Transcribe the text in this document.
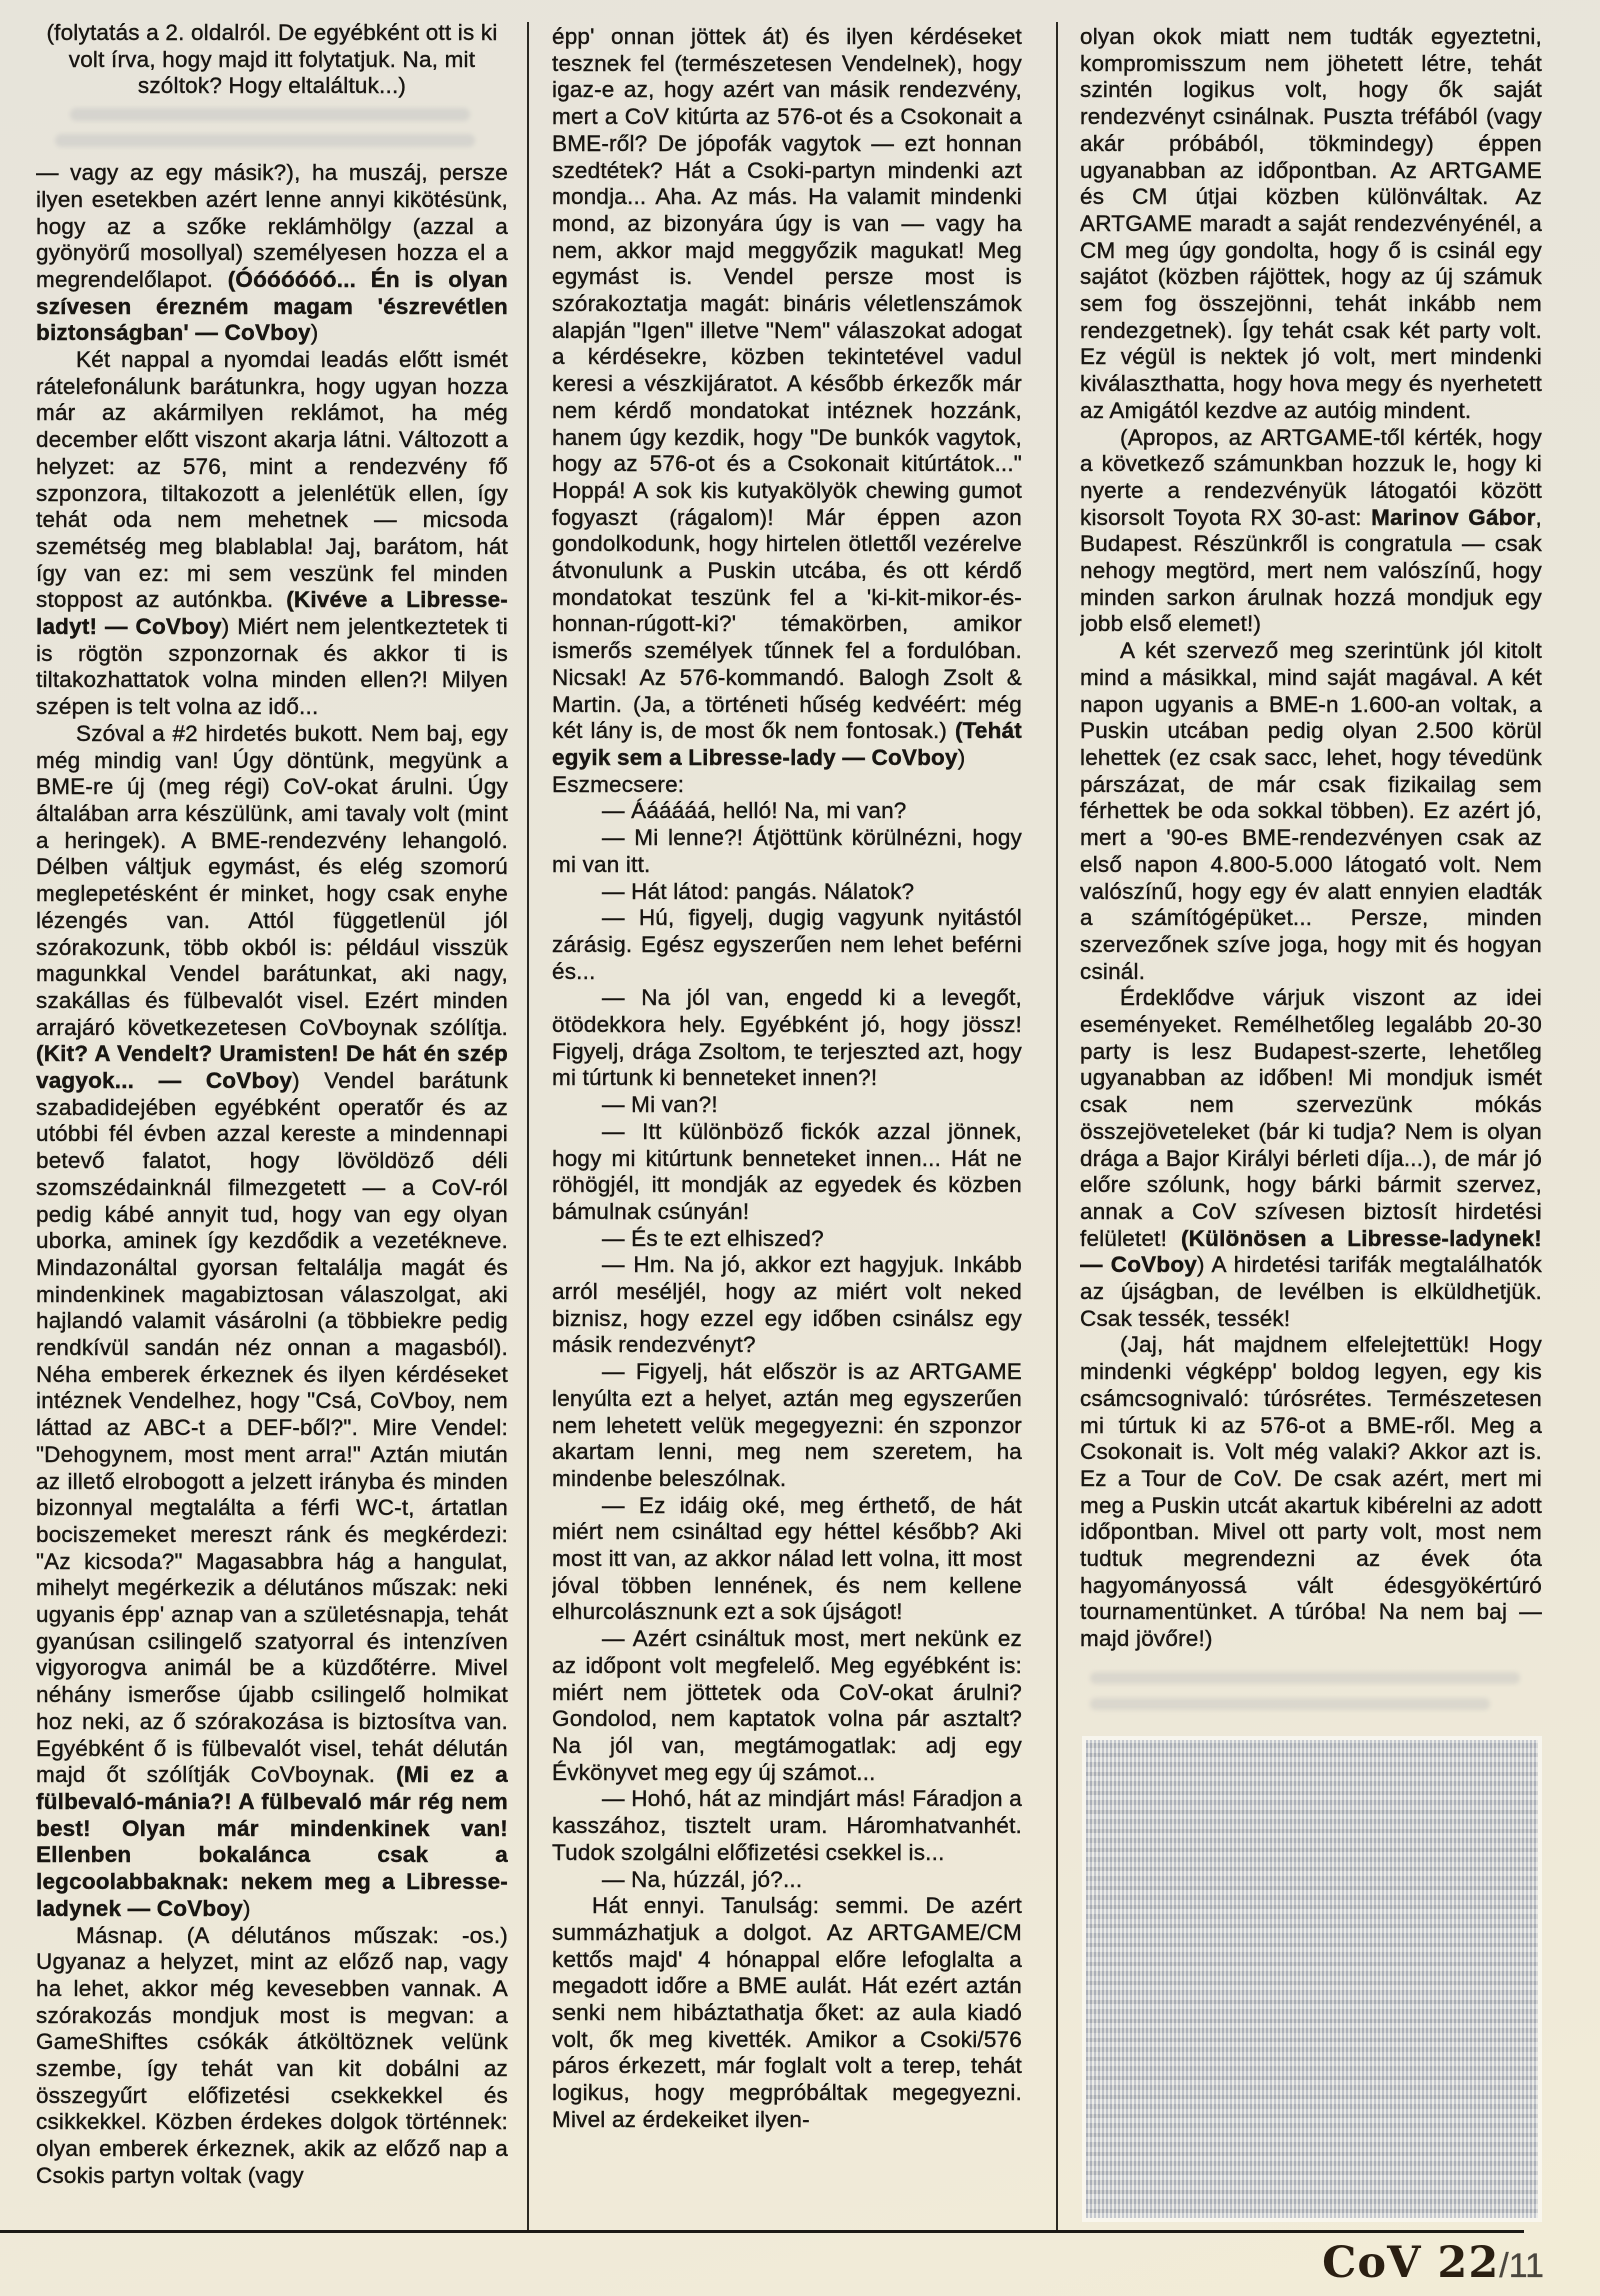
(folytatás a 2. oldalról. De egyébként ott is ki volt írva, hogy majd itt folytatjuk. Na, mit szóltok? Hogy eltaláltuk...)

— vagy az egy másik?), ha muszáj, persze ilyen esetekben azért lenne annyi kikötésünk, hogy az a szőke reklámhölgy (azzal a gyönyörű mosollyal) személyesen hozza el a megrendelőlapot. (Óóóóóóó... Én is olyan szívesen érezném magam 'észrevétlen biztonságban' — CoVboy)

Két nappal a nyomdai leadás előtt ismét rátelefonálunk barátunkra, hogy ugyan hozza már az akármilyen reklámot, ha még december előtt viszont akarja látni. Változott a helyzet: az 576, mint a rendezvény fő szponzora, tiltakozott a jelenlétük ellen, így tehát oda nem mehetnek — micsoda szemétség meg blablabla! Jaj, barátom, hát így van ez: mi sem veszünk fel minden stoppost az autónkba. (Kivéve a Libresse-ladyt! — CoVboy) Miért nem jelentkeztetek ti is rögtön szponzornak és akkor ti is tiltakozhattatok volna minden ellen?! Milyen szépen is telt volna az idő...

Szóval a #2 hirdetés bukott. Nem baj, egy még mindig van! Úgy döntünk, megyünk a BME-re új (meg régi) CoV-okat árulni. Úgy általában arra készülünk, ami tavaly volt (mint a heringek). A BME-rendezvény lehangoló. Délben váltjuk egymást, és elég szomorú meglepetésként ér minket, hogy csak enyhe lézengés van. Attól függetlenül jól szórakozunk, több okból is: például visszük magunkkal Vendel barátunkat, aki nagy, szakállas és fülbevalót visel. Ezért minden arrajáró következetesen CoVboynak szólítja. (Kit? A Vendelt? Uramisten! De hát én szép vagyok... — CoVboy) Vendel barátunk szabadidejében egyébként operatőr és az utóbbi fél évben azzal kereste a mindennapi betevő falatot, hogy lövöldöző déli szomszédainknál filmezgetett — a CoV-ról pedig kábé annyit tud, hogy van egy olyan uborka, aminek így kezdődik a vezetékneve. Mindazonáltal gyorsan feltalálja magát és mindenkinek magabiztosan válaszolgat, aki hajlandó valamit vásárolni (a többiekre pedig rendkívül sandán néz onnan a magasból). Néha emberek érkeznek és ilyen kérdéseket intéznek Vendelhez, hogy "Csá, CoVboy, nem láttad az ABC-t a DEF-ből?". Mire Vendel: "Dehogynem, most ment arra!" Aztán miután az illető elrobogott a jelzett irányba és minden bizonnyal megtalálta a férfi WC-t, ártatlan bociszemeket mereszt ránk és megkérdezi: "Az kicsoda?" Magasabbra hág a hangulat, mihelyt megérkezik a délutános műszak: neki ugyanis épp' aznap van a születésnapja, tehát gyanúsan csilingelő szatyorral és intenzíven vigyorogva animál be a küzdőtérre. Mivel néhány ismerőse újabb csilingelő holmikat hoz neki, az ő szórakozása is biztosítva van. Egyébként ő is fülbevalót visel, tehát délután majd őt szólítják CoVboynak. (Mi ez a fülbevaló-mánia?! A fülbevaló már rég nem best! Olyan már mindenkinek van! Ellenben bokalánca csak a legcoolabbaknak: nekem meg a Libresse-ladynek — CoVboy)

Másnap. (A délutános műszak: -os.) Ugyanaz a helyzet, mint az előző nap, vagy ha lehet, akkor még kevesebben vannak. A szórakozás mondjuk most is megvan: a GameShiftes csókák átköltöznek velünk szembe, így tehát van kit dobálni az összegyűrt előfizetési csekkekkel és csikkekkel. Közben érdekes dolgok történnek: olyan emberek érkeznek, akik az előző nap a Csokis partyn voltak (vagy

épp' onnan jöttek át) és ilyen kérdéseket tesznek fel (természetesen Vendelnek), hogy igaz-e az, hogy azért van másik rendezvény, mert a CoV kitúrta az 576-ot és a Csokonait a BME-ről? De jópofák vagytok — ezt honnan szedtétek? Hát a Csoki-partyn mindenki azt mondja... Aha. Az más. Ha valamit mindenki mond, az bizonyára úgy is van — vagy ha nem, akkor majd meggyőzik magukat! Meg egymást is. Vendel persze most is szórakoztatja magát: bináris véletlenszámok alapján "Igen" illetve "Nem" válaszokat adogat a kérdésekre, közben tekintetével vadul keresi a vészkijáratot. A később érkezők már nem kérdő mondatokat intéznek hozzánk, hanem úgy kezdik, hogy "De bunkók vagytok, hogy az 576-ot és a Csokonait kitúrtátok..." Hoppá! A sok kis kutyakölyök chewing gumot fogyaszt (rágalom)! Már éppen azon gondolkodunk, hogy hirtelen ötlettől vezérelve átvonulunk a Puskin utcába, és ott kérdő mondatokat teszünk fel a 'ki-kit-mikor-és-honnan-rúgott-ki?' témakörben, amikor ismerős személyek tűnnek fel a fordulóban. Nicsak! Az 576-kommandó. Balogh Zsolt & Martin. (Ja, a történeti hűség kedvéért: még két lány is, de most ők nem fontosak.) (Tehát egyik sem a Libresse-lady — CoVboy)

Eszmecsere:

— Áááááá, helló! Na, mi van?

— Mi lenne?! Átjöttünk körülnézni, hogy mi van itt.

— Hát látod: pangás. Nálatok?

— Hú, figyelj, dugig vagyunk nyitástól zárásig. Egész egyszerűen nem lehet beférni és...

— Na jól van, engedd ki a levegőt, ötödekkora hely. Egyébként jó, hogy jössz! Figyelj, drága Zsoltom, te terjeszted azt, hogy mi túrtunk ki benneteket innen?!

— Mi van?!

— Itt különböző fickók azzal jönnek, hogy mi kitúrtunk benneteket innen... Hát ne röhögjél, itt mondják az egyedek és közben bámulnak csúnyán!

— És te ezt elhiszed?

— Hm. Na jó, akkor ezt hagyjuk. Inkább arról meséljél, hogy az miért volt neked biznisz, hogy ezzel egy időben csinálsz egy másik rendezvényt?

— Figyelj, hát először is az ARTGAME lenyúlta ezt a helyet, aztán meg egyszerűen nem lehetett velük megegyezni: én szponzor akartam lenni, meg nem szeretem, ha mindenbe beleszólnak.

— Ez idáig oké, meg érthető, de hát miért nem csináltad egy héttel később? Aki most itt van, az akkor nálad lett volna, itt most jóval többen lennének, és nem kellene elhurcolásznunk ezt a sok újságot!

— Azért csináltuk most, mert nekünk ez az időpont volt megfelelő. Meg egyébként is: miért nem jöttetek oda CoV-okat árulni? Gondolod, nem kaptatok volna pár asztalt? Na jól van, megtámogatlak: adj egy Évkönyvet meg egy új számot...

— Hohó, hát az mindjárt más! Fáradjon a kasszához, tisztelt uram. Háromhatvanhét. Tudok szolgálni előfizetési csekkel is...

— Na, húzzál, jó?...

Hát ennyi. Tanulság: semmi. De azért summázhatjuk a dolgot. Az ARTGAME/CM kettős majd' 4 hónappal előre lefoglalta a megadott időre a BME aulát. Hát ezért aztán senki nem hibáztathatja őket: az aula kiadó volt, ők meg kivették. Amikor a Csoki/576 páros érkezett, már foglalt volt a terep, tehát logikus, hogy megpróbáltak megegyezni. Mivel az érdekeiket ilyen-

olyan okok miatt nem tudták egyeztetni, kompromisszum nem jöhetett létre, tehát szintén logikus volt, hogy ők saját rendezvényt csinálnak. Puszta tréfából (vagy akár próbából, tökmindegy) éppen ugyanabban az időpontban. Az ARTGAME és CM útjai közben különváltak. Az ARTGAME maradt a saját rendezvényénél, a CM meg úgy gondolta, hogy ő is csinál egy sajátot (közben rájöttek, hogy az új számuk sem fog összejönni, tehát inkább nem rendezgetnek). Így tehát csak két party volt. Ez végül is nektek jó volt, mert mindenki kiválaszthatta, hogy hova megy és nyerhetett az Amigától kezdve az autóig mindent.

(Apropos, az ARTGAME-től kérték, hogy a következő számunkban hozzuk le, hogy ki nyerte a rendezvényük látogatói között kisorsolt Toyota RX 30-ast: Marinov Gábor, Budapest. Részünkről is congratula — csak nehogy megtörd, mert nem valószínű, hogy minden sarkon árulnak hozzá mondjuk egy jobb első elemet!)

A két szervező meg szerintünk jól kitolt mind a másikkal, mind saját magával. A két napon ugyanis a BME-n 1.600-an voltak, a Puskin utcában pedig olyan 2.500 körül lehettek (ez csak sacc, lehet, hogy tévedünk párszázat, de már csak fizikailag sem férhettek be oda sokkal többen). Ez azért jó, mert a '90-es BME-rendezvényen csak az első napon 4.800-5.000 látogató volt. Nem valószínű, hogy egy év alatt ennyien eladták a számítógépüket... Persze, minden szervezőnek szíve joga, hogy mit és hogyan csinál.

Érdeklődve várjuk viszont az idei eseményeket. Remélhetőleg legalább 20-30 party is lesz Budapest-szerte, lehetőleg ugyanabban az időben! Mi mondjuk ismét csak nem szervezünk mókás összejöveteleket (bár ki tudja? Nem is olyan drága a Bajor Királyi bérleti díja...), de már jó előre szólunk, hogy bárki bármit szervez, annak a CoV szívesen biztosít hirdetési felületet! (Különösen a Libresse-ladynek! — CoVboy) A hirdetési tarifák megtalálhatók az újságban, de levélben is elküldhetjük. Csak tessék, tessék!

(Jaj, hát majdnem elfelejtettük! Hogy mindenki végképp' boldog legyen, egy kis csámcsognivaló: túrósrétes. Természetesen mi túrtuk ki az 576-ot a BME-ről. Meg a Csokonait is. Volt még valaki? Akkor azt is. Ez a Tour de CoV. De csak azért, mert mi meg a Puskin utcát akartuk kibérelni az adott időpontban. Mivel ott party volt, most nem tudtuk megrendezni az évek óta hagyományossá vált édesgyökértúró tournamentünket. A túróba! Na nem baj — majd jövőre!)

CoV 22/11
